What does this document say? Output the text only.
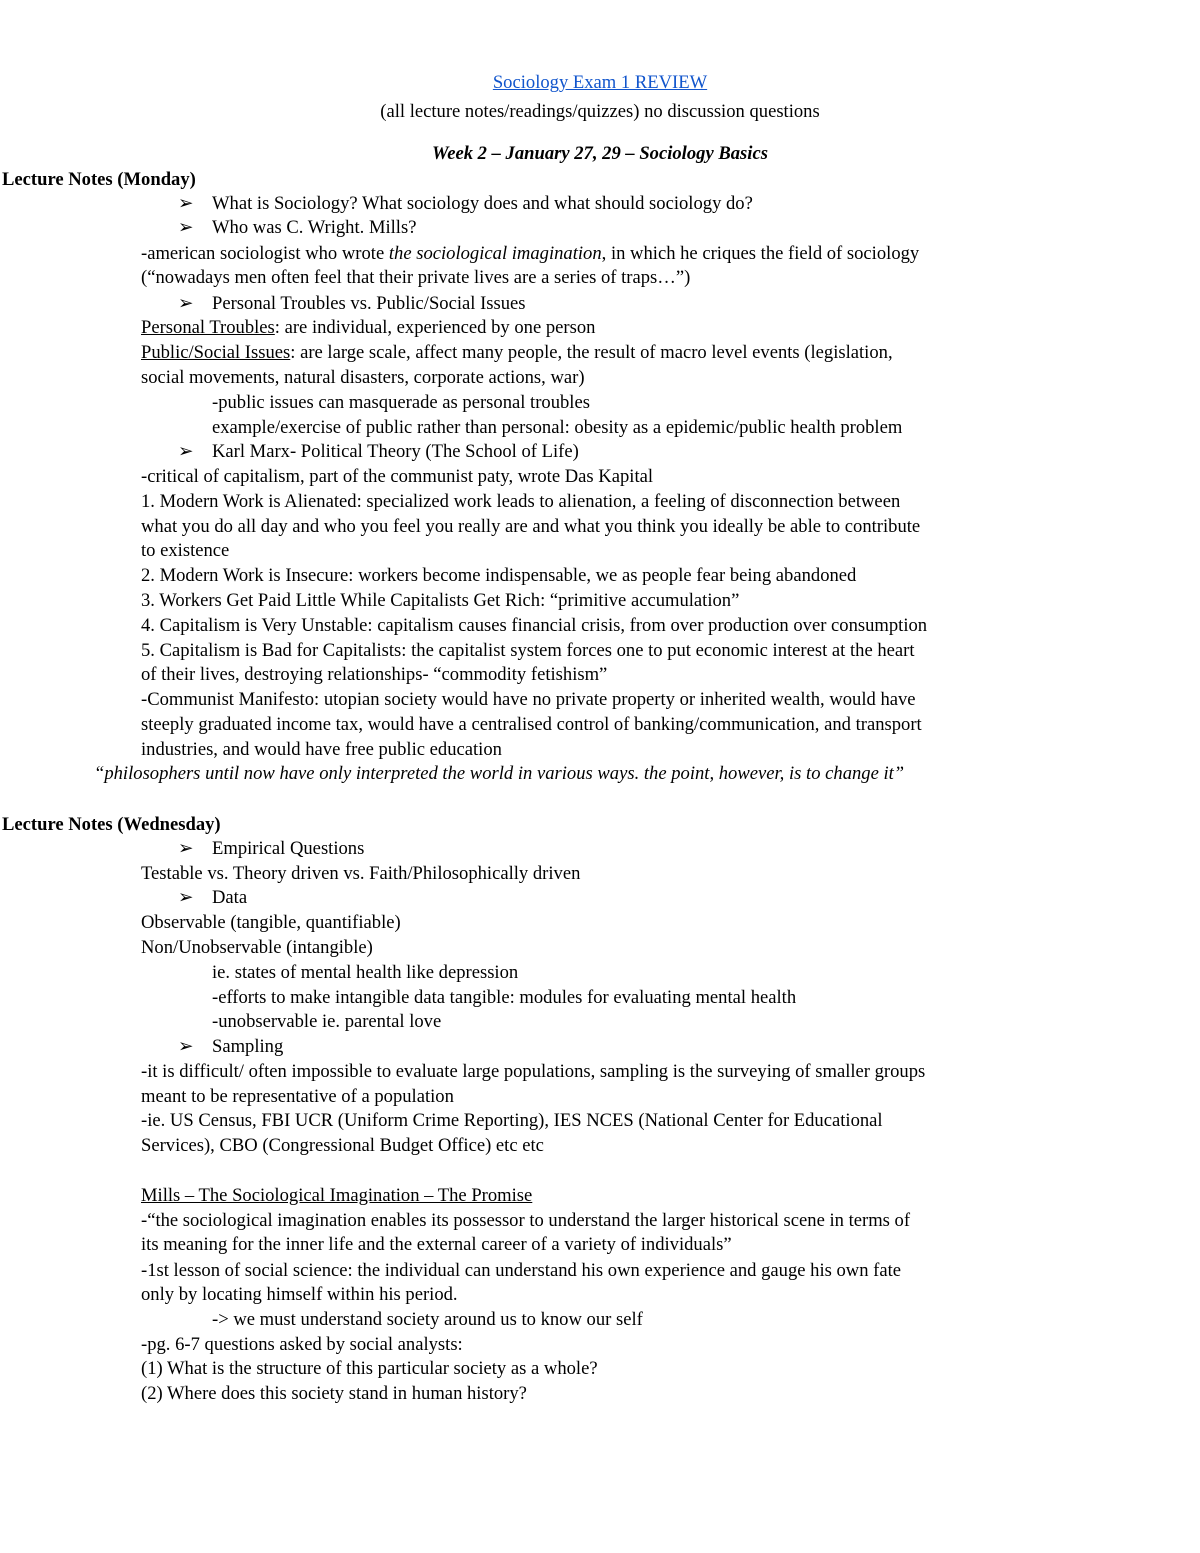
Sociology Exam 1 REVIEW
(all lecture notes/readings/quizzes) no discussion questions
Week 2 – January 27, 29 – Sociology Basics
Lecture Notes (Monday)
➢ What is Sociology? What sociology does and what should sociology do?
➢ Who was C. Wright. Mills?
-american sociologist who wrote the sociological imagination, in which he criques the field of sociology
(“nowadays men often feel that their private lives are a series of traps…”)
➢ Personal Troubles vs. Public/Social Issues
Personal Troubles: are individual, experienced by one person
Public/Social Issues: are large scale, affect many people, the result of macro level events (legislation,
social movements, natural disasters, corporate actions, war)
-public issues can masquerade as personal troubles
example/exercise of public rather than personal: obesity as a epidemic/public health problem
➢ Karl Marx- Political Theory (The School of Life)
-critical of capitalism, part of the communist paty, wrote Das Kapital
1. Modern Work is Alienated: specialized work leads to alienation, a feeling of disconnection between
what you do all day and who you feel you really are and what you think you ideally be able to contribute
to existence
2. Modern Work is Insecure: workers become indispensable, we as people fear being abandoned
3. Workers Get Paid Little While Capitalists Get Rich: “primitive accumulation”
4. Capitalism is Very Unstable: capitalism causes financial crisis, from over production over consumption
5. Capitalism is Bad for Capitalists: the capitalist system forces one to put economic interest at the heart
of their lives, destroying relationships- “commodity fetishism”
-Communist Manifesto: utopian society would have no private property or inherited wealth, would have
steeply graduated income tax, would have a centralised control of banking/communication, and transport
industries, and would have free public education
“philosophers until now have only interpreted the world in various ways. the point, however, is to change it”
Lecture Notes (Wednesday)
➢ Empirical Questions
Testable vs. Theory driven vs. Faith/Philosophically driven
➢ Data
Observable (tangible, quantifiable)
Non/Unobservable (intangible)
ie. states of mental health like depression
-efforts to make intangible data tangible: modules for evaluating mental health
-unobservable ie. parental love
➢ Sampling
-it is difficult/ often impossible to evaluate large populations, sampling is the surveying of smaller groups
meant to be representative of a population
-ie. US Census, FBI UCR (Uniform Crime Reporting), IES NCES (National Center for Educational
Services), CBO (Congressional Budget Office) etc etc
Mills – The Sociological Imagination – The Promise
-“the sociological imagination enables its possessor to understand the larger historical scene in terms of
its meaning for the inner life and the external career of a variety of individuals”
-1st lesson of social science: the individual can understand his own experience and gauge his own fate
only by locating himself within his period.
-> we must understand society around us to know our self
-pg. 6-7 questions asked by social analysts:
(1) What is the structure of this particular society as a whole?
(2) Where does this society stand in human history?
